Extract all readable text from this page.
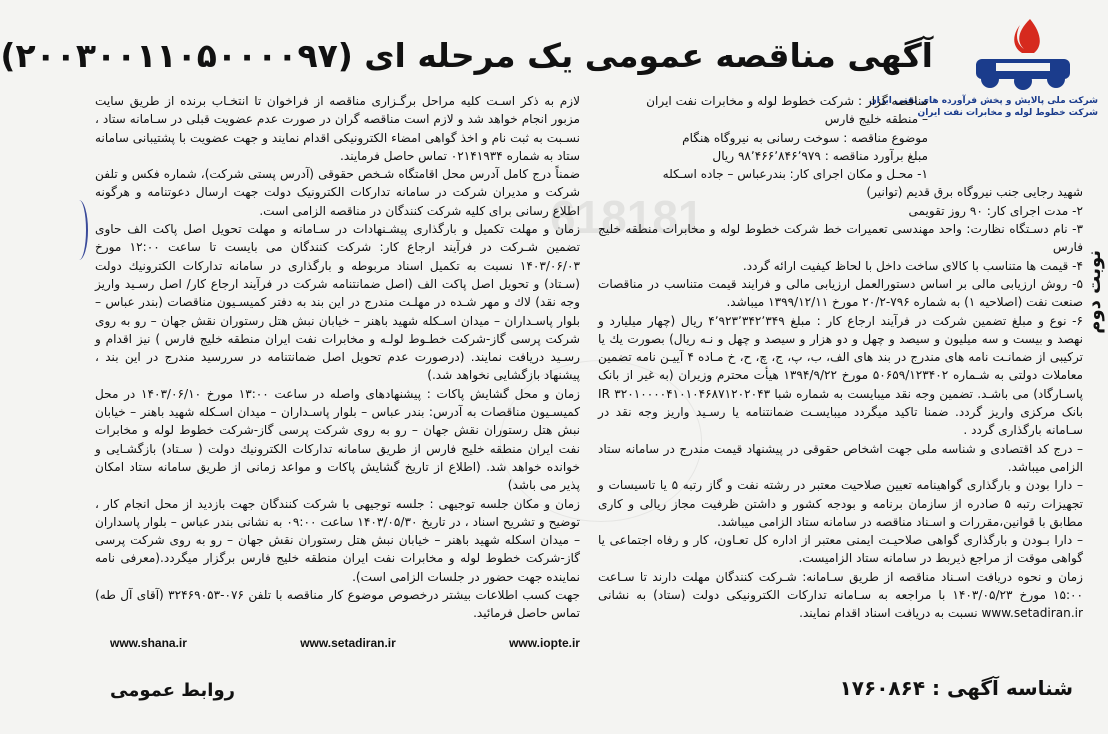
شرکت ملی پالایش و پخش فرآورده های نفتی ایران
شرکت خطوط لوله و مخابرات نفت ایران
نوبت دوم
آگهی مناقصه عمومی یک مرحله ای (۲۰۰۳۰۰۱۱۰۵۰۰۰۰۹۷)
618181

مناقصه گزار : شرکت خطوط لوله و مخابرات نفت ایران

– منطقه خلیج فارس

موضوع مناقصه : سوخت رسانی به نیروگاه هنگام

مبلغ برآورد مناقصه : ۹۸٬۴۶۶٬۸۴۶٬۹۷۹ ریال

۱- محـل و مکان اجرای کار: بندرعباس – جاده اسـکله

شهید رجایی جنب نیروگاه برق قدیم (توانیر)

۲- مدت اجرای کار: ۹۰ روز تقویمی

۳- نام دسـتگاه نظارت: واحد مهندسی تعمیرات خط شرکت خطوط لوله و مخابرات منطقه خلیج فارس

۴- قیمت ها متناسب با کالای ساخت داخل با لحاظ کیفیت ارائه گردد.

۵- روش ارزیابی مالی بر اساس دستورالعمل ارزیابی مالی و فرایند قیمت متناسب در مناقصات صنعت نفت (اصلاحیه ۱) به شماره ۷۹۶-۲۰/۲ مورخ ۱۳۹۹/۱۲/۱۱ میباشد.

۶- نوع و مبلغ تضمین شرکت در فرآیند ارجاع کار : مبلغ ۴٬۹۲۳٬۳۴۲٬۳۴۹ ریال (چهار میلیارد و نهصد و بیست و سه میلیون و سیصد و چهل و دو هزار و سیصد و چهل و نـه ریال) بصورت یك یا ترکیبی از ضمانـت نامه های مندرج در بند های الف، ب، پ، ج، چ، ح، خ مـاده ۴ آییـن نامه تضمین معاملات دولتی به شـماره ۵۰۶۵۹/۱۲۳۴۰۲ مورخ ۱۳۹۴/۹/۲۲ هیأت محترم وزیران (به غیر از بانک پاسـارگاد) می باشـد. تضمین وجه نقد میبایست به شماره شبا IR ۳۲۰۱۰۰۰۰۴۱۰۱۰۴۶۸۷۱۲۰۲۰۴۳ بانک مرکزی واریز گردد. ضمنا تاکید میگردد میبایسـت ضمانتنامه یا رسـید واریز وجه نقد در سـامانه بارگذاری گردد .

– درج کد اقتصادی و شناسه ملی جهت اشخاص حقوقی در پیشنهاد قیمت مندرج در سامانه ستاد الزامی میباشد.

– دارا بودن و بارگذاری گواهینامه تعیین صلاحیت معتبر در رشته نفت و گاز رتبه ۵ یا تاسیسات و تجهیزات رتبه ۵ صادره از سازمان برنامه و بودجه کشور و داشتن ظرفیت مجاز ریالی و کاری مطابق با قوانین،مقررات و اسـناد مناقصه در سامانه ستاد الزامی میباشد.

– دارا بـودن و بارگذاری گواهی صلاحیـت ایمنی معتبر از اداره کل تعـاون، کار و رفاه اجتماعی یا گواهی موقت از مراجع ذیربط در سامانه ستاد الزامیست.

زمان و نحوه دریافت اسـناد مناقصه از طریق سـامانه: شـرکت کنندگان مهلت دارند تا سـاعت ۱۵:۰۰ مورخ ۱۴۰۳/۰۵/۲۳ با مراجعه به سـامانه تدارکات الکترونیکی دولت (ستاد) به نشانی www.setadiran.ir نسبت به دریافت اسناد اقدام نمایند.

لازم به ذکر اسـت کلیه مراحل برگـزاری مناقصه از فراخوان تا انتخـاب برنده از طریق سایت مزبور انجام خواهد شد و لازم است مناقصه گران در صورت عدم عضویت قبلی در سـامانه ستاد ، نسـبت به ثبت نام و اخذ گواهی امضاء الکترونیکی اقدام نمایند و جهت عضویت با پشتیبانی سامانه ستاد به شماره ۰۲۱۴۱۹۳۴ تماس حاصل فرمایند.

ضمناً درج کامل آدرس محل اقامتگاه شـخص حقوقی (آدرس پستی شرکت)، شماره فکس و تلفن شرکت و مدیران شرکت در سامانه تدارکات الکترونیک دولت جهت ارسال دعوتنامه و هرگونه اطلاع رسانی برای کلیه شرکت کنندگان در مناقصه الزامی است.

زمان و مهلت تکمیل و بارگذاری پیشـنهادات در سـامانه و مهلت تحویل اصل پاکت الف حاوی تضمین شـرکت در فرآیند ارجاع کار: شرکت کنندگان می بایست تا ساعت ۱۲:۰۰ مورخ ۱۴۰۳/۰۶/۰۳ نسبت به تکمیل اسناد مربوطه و بارگذاری در سامانه تدارکات الکترونیك دولت (سـتاد) و تحویل اصل پاکت الف (اصل ضمانتنامه شرکت در فرآیند ارجاع کار/ اصل رسـید واریز وجه نقد) لاك و مهر شـده در مهلـت مندرج در این بند به دفتر کمیسـیون مناقصات (بندر عباس – بلوار پاسـداران – میدان اسـکله شهید باهنر – خیابان نبش هتل رستوران نقش جهان – رو به روی شرکت پرسی گاز-شرکت خطـوط لولـه و مخابرات نفت ایران منطقه خلیج فارس ) نیز اقدام و رسـید دریافت نمایند. (درصورت عدم تحویل اصل ضمانتنامه در سررسید مندرج در این بند ، پیشنهاد بازگشایی نخواهد شد.)

زمان و محل گشایش پاکات : پیشنهادهای واصله در ساعت ۱۳:۰۰ مورخ ۱۴۰۳/۰۶/۱۰ در محل کمیسـیون مناقصات به آدرس: بندر عباس – بلوار پاسـداران – میدان اسـکله شهید باهنر – خیابان نبش هتل رستوران نقش جهان – رو به روی شرکت پرسی گاز-شرکت خطوط لوله و مخابرات نفت ایران منطقه خلیج فارس از طریق سامانه تدارکات الکترونیك دولت ( سـتاد) بازگشـایی و خوانده خواهد شد. (اطلاع از تاریخ گشایش پاکات و مواعد زمانی از طریق سامانه ستاد امکان پذیر می باشد)

زمان و مکان جلسه توجیهی : جلسه توجیهی با شرکت کنندگان جهت بازدید از محل انجام کار ، توضیح و تشریح اسناد ، در تاریخ ۱۴۰۳/۰۵/۳۰ ساعت ۰۹:۰۰ به نشانی بندر عباس – بلوار پاسداران – میدان اسکله شهید باهنر – خیابان نبش هتل رستوران نقش جهان – رو به روی شرکت پرسی گاز-شرکت خطوط لوله و مخابرات نفت ایران منطقه خلیج فارس برگزار میگردد.(معرفی نامه نماینده جهت حضور در جلسات الزامی است).

جهت کسب اطلاعات بیشتر درخصوص موضوع کار مناقصه با تلفن ۰۷۶-۳۲۴۶۹۰۵۳ (آقای آل طه) تماس حاصل فرمائید.

www.shana.ir	www.setadiran.ir	www.iopte.ir
شناسه آگهی : ۱۷۶۰۸۶۴
روابط عمومی
